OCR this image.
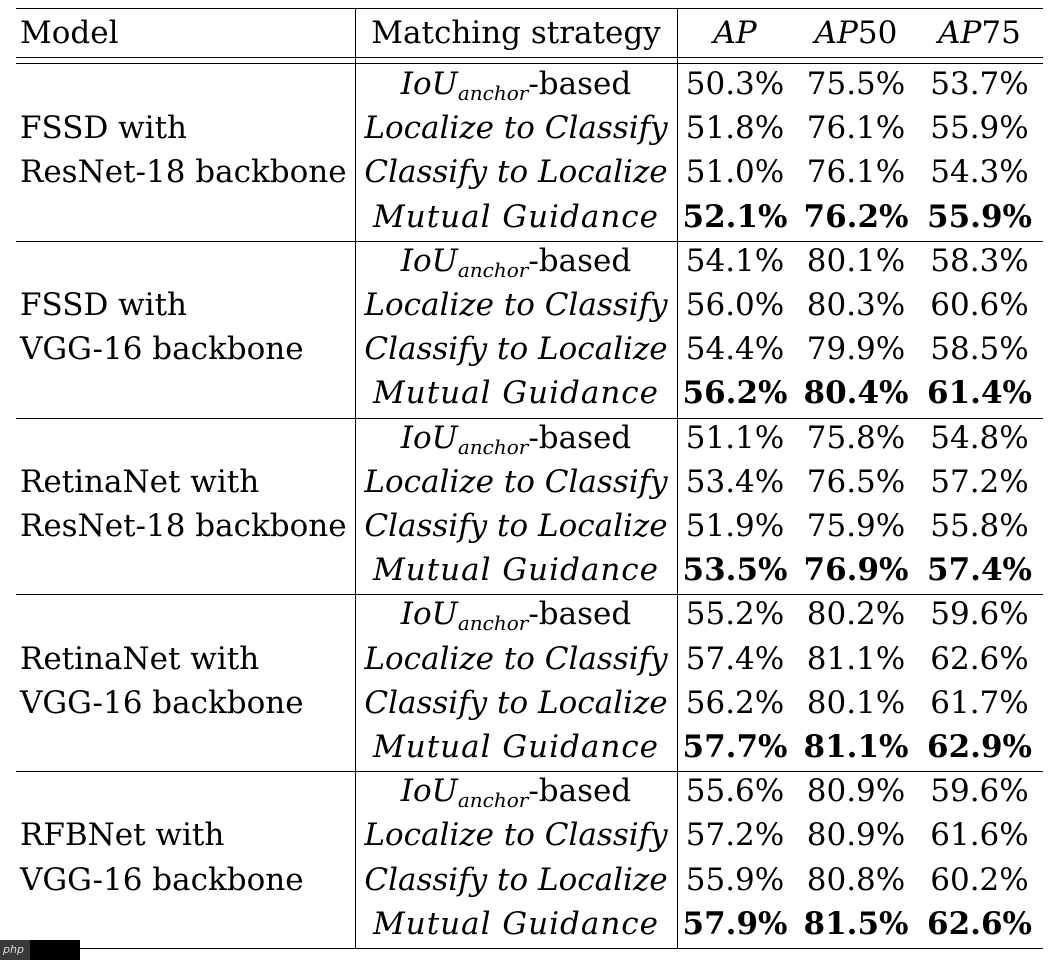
Model	Matching strategy	AP	AP50	AP75
FSSD with
ResNet-18 backbone
IoU$_{anchor}$-based	50.3% 75.5% 53.7%
Localize to Classify 51.8% 76.1% 55.9%
Classify to Localize 51.0% 76.1% 54.3%
Mutual Guidance 52.1% 76.2% 55.9%
FSSD with
VGG-16 backbone
IoU$_{anchor}$-based	54.1% 80.1% 58.3%
Localize to Classify 56.0% 80.3% 60.6%
Classify to Localize 54.4% 79.9% 58.5%
Mutual Guidance 56.2% 80.4% 61.4%
RetinaNet with
ResNet-18 backbone
IoU$_{anchor}$-based	51.1% 75.8% 54.8%
Localize to Classify 53.4% 76.5% 57.2%
Classify to Localize 51.9% 75.9% 55.8%
Mutual Guidance 53.5% 76.9% 57.4%
RetinaNet with
VGG-16 backbone
IoU$_{anchor}$-based	55.2% 80.2% 59.6%
Localize to Classify 57.4% 81.1% 62.6%
Classify to Localize 56.2% 80.1% 61.7%
Mutual Guidance 57.7% 81.1% 62.9%
RFBNet with
VGG-16 backbone
IoU$_{anchor}$-based	55.6% 80.9% 59.6%
Localize to Classify 57.2% 80.9% 61.6%
Classify to Localize 55.9% 80.8% 60.2%
Mutual Guidance 57.9% 81.5% 62.6%
php
